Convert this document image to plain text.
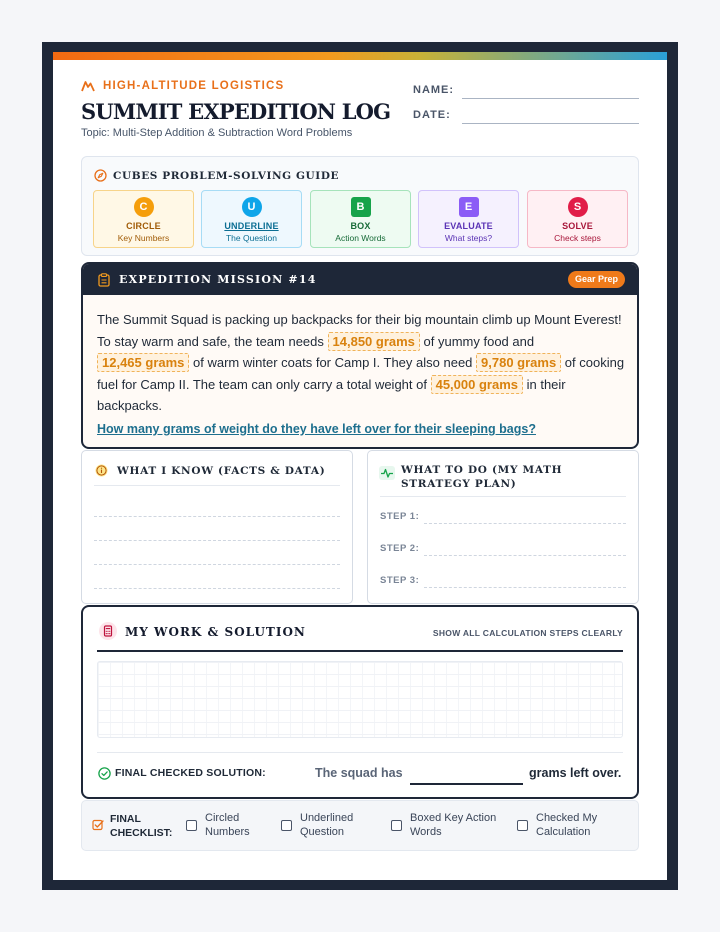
HIGH-ALTITUDE LOGISTICS
SUMMIT EXPEDITION LOG
Topic: Multi-Step Addition & Subtraction Word Problems
NAME:
DATE:
CUBES PROBLEM-SOLVING GUIDE
C
CIRCLE
Key Numbers
U
UNDERLINE
The Question
B
BOX
Action Words
E
EVALUATE
What steps?
S
SOLVE
Check steps
EXPEDITION MISSION #14	Gear Prep
The Summit Squad is packing up backpacks for their big mountain climb up Mount Everest! To stay warm and safe, the team needs 14,850 grams of yummy food and 12,465 grams of warm winter coats for Camp I. They also need 9,780 grams of cooking fuel for Camp II. The team can only carry a total weight of 45,000 grams in their backpacks.
How many grams of weight do they have left over for their sleeping bags?
WHAT I KNOW (FACTS & DATA)	WHAT TO DO (MY MATH STRATEGY PLAN)
STEP 1:
STEP 2:
STEP 3:
MY WORK & SOLUTION	SHOW ALL CALCULATION STEPS CLEARLY
FINAL CHECKED SOLUTION:	The squad has	grams left over.
FINAL
CHECKLIST:
Circled
Numbers
Underlined
Question
Boxed Key Action
Words
Checked My
Calculation
